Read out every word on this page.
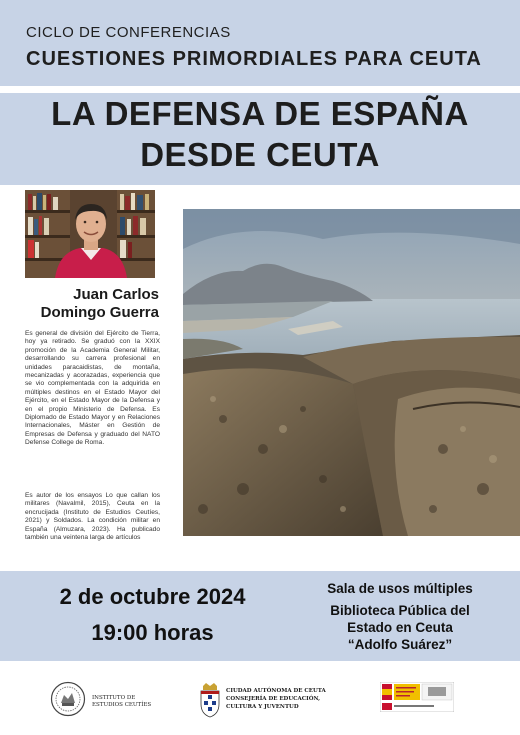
CICLO DE CONFERENCIAS
CUESTIONES PRIMORDIALES PARA CEUTA
LA DEFENSA DE ESPAÑA
DESDE CEUTA
Juan Carlos
Domingo Guerra

Es general de división del Ejército de Tierra, hoy ya retirado. Se graduó con la XXIX promoción de la Academia General Militar, desarrollando su carrera profesional en unidades paracaidistas, de montaña, mecanizadas y acorazadas, experiencia que se vio complementada con la adquirida en múltiples destinos en el Estado Mayor del Ejército, en el Estado Mayor de la Defensa y en el propio Ministerio de Defensa. Es Diplomado de Estado Mayor y en Relaciones Internacionales, Máster en Gestión de Empresas de Defensa y graduado del NATO Defense College de Roma.

Es autor de los ensayos Lo que callan los militares (Navalmil, 2015), Ceuta en la encrucijada (Instituto de Estudios Ceutíes, 2021) y Soldados. La condición militar en España (Almuzara, 2023). Ha publicado también una veintena larga de artículos

2 de octubre 2024
19:00 horas
Sala de usos múltiples
Biblioteca Pública del
Estado en Ceuta
“Adolfo Suárez”
INSTITUTO DE
ESTUDIOS CEUTÍES
CIUDAD AUTÓNOMA DE CEUTA
CONSEJERÍA DE EDUCACIÓN,
CULTURA Y JUVENTUD
